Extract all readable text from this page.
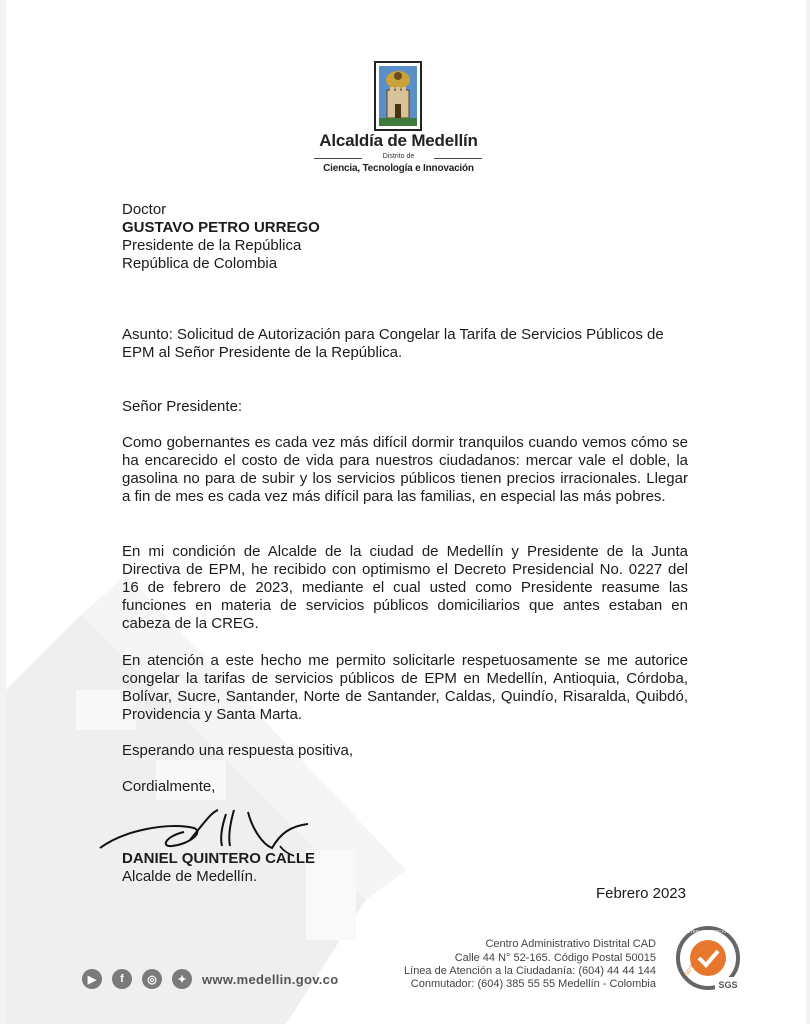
Alcaldía de Medellín
Distrito de
Ciencia, Tecnología e Innovación
Doctor
GUSTAVO PETRO URREGO
Presidente de la República
República de Colombia
Asunto: Solicitud de Autorización para Congelar la Tarifa de Servicios Públicos de
EPM al Señor Presidente de la República.
Señor Presidente:
Como gobernantes es cada vez más difícil dormir tranquilos cuando vemos cómo se ha encarecido el costo de vida para nuestros ciudadanos: mercar vale el doble, la gasolina no para de subir y los servicios públicos tienen precios irracionales. Llegar a fin de mes es cada vez más difícil para las familias, en especial las más pobres.
En mi condición de Alcalde de la ciudad de Medellín y Presidente de la Junta Directiva de EPM, he recibido con optimismo el Decreto Presidencial No. 0227 del 16 de febrero de 2023, mediante el cual usted como Presidente reasume las funciones en materia de servicios públicos domiciliarios que antes estaban en cabeza de la CREG.
En atención a este hecho me permito solicitarle respetuosamente se me autorice congelar la tarifas de servicios públicos de EPM en Medellín, Antioquia, Córdoba, Bolívar, Sucre, Santander, Norte de Santander, Caldas, Quindío, Risaralda, Quibdó, Providencia y Santa Marta.
Esperando una respuesta positiva,
Cordialmente,
DANIEL QUINTERO CALLE
Alcalde de Medellín.
Febrero 2023
▶	f	◎	✦	www.medellin.gov.co
Centro Administrativo Distrital CAD
Calle 44 N° 52-165. Código Postal 50015
Línea de Atención a la Ciudadanía: (604) 44 44 144
Conmutador: (604) 385 55 55 Medellín - Colombia	SGS
SYSTEM CERTIFICATION
ISO 9001
